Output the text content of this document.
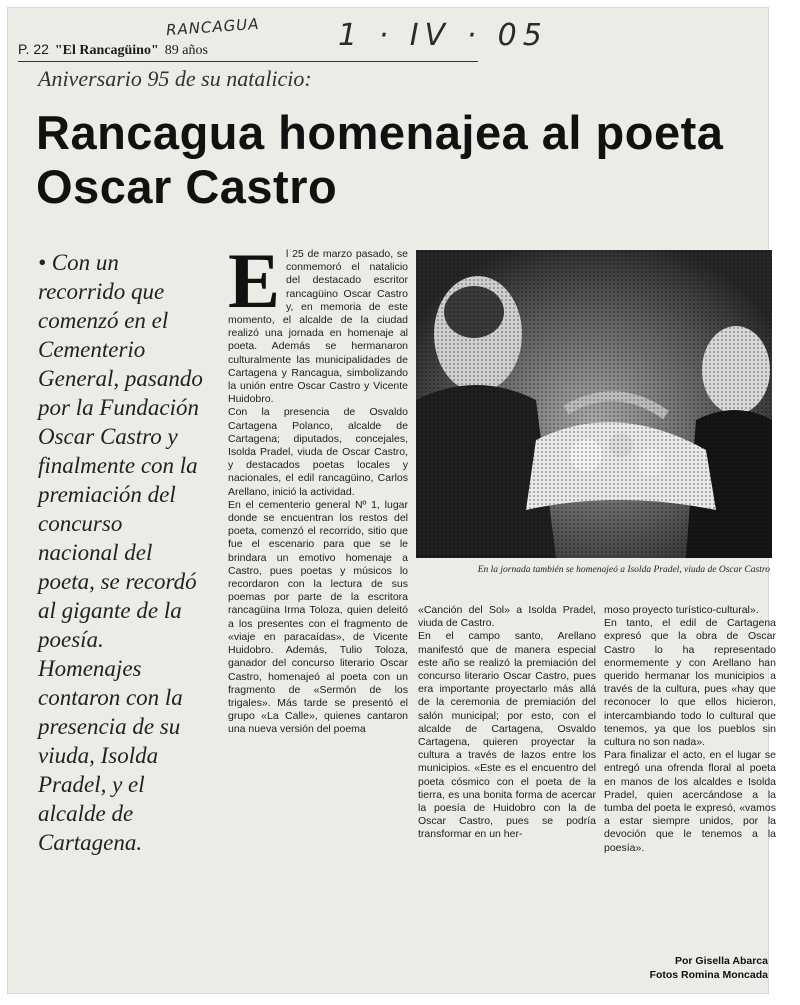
RANCAGUA	1 · IV · 05
P. 22 "El Rancagüino" 89 años
Aniversario 95 de su natalicio:
Rancagua homenajea al poeta Oscar Castro
• Con un recorrido que comenzó en el Cementerio General, pasando por la Fundación Oscar Castro y finalmente con la premiación del concurso nacional del poeta, se recordó al gigante de la poesía. Homenajes contaron con la presencia de su viuda, Isolda Pradel, y el alcalde de Cartagena.
E l 25 de marzo pasado, se conmemoró el natalicio del destacado escritor rancagüino Oscar Castro y, en memoria de este momento, el alcalde de la ciudad realizó una jornada en homenaje al poeta. Además se hermanaron culturalmente las municipalidades de Cartagena y Rancagua, simbolizando la unión entre Oscar Castro y Vicente Huidobro.

Con la presencia de Osvaldo Cartagena Polanco, alcalde de Cartagena; diputados, concejales, Isolda Pradel, viuda de Oscar Castro, y destacados poetas locales y nacionales, el edil rancagüino, Carlos Arellano, inició la actividad.

En el cementerio general Nº 1, lugar donde se encuentran los restos del poeta, comenzó el recorrido, sitio que fue el escenario para que se le brindara un emotivo homenaje a Castro, pues poetas y músicos lo recordaron con la lectura de sus poemas por parte de la escritora rancagüina Irma Toloza, quien deleitó a los presentes con el fragmento de «viaje en paracaídas», de Vicente Huidobro. Además, Tulio Toloza, ganador del concurso literario Oscar Castro, homenajeó al poeta con un fragmento de «Sermón de los trigales». Más tarde se presentó el grupo «La Calle», quienes cantaron una nueva versión del poema

En la jornada también se homenajeó a Isolda Pradel, viuda de Oscar Castro

«Canción del Sol» a Isolda Pradel, viuda de Castro.

En el campo santo, Arellano manifestó que de manera especial este año se realizó la premiación del concurso literario Oscar Castro, pues era importante proyectarlo más allá de la ceremonia de premiación del salón municipal; por esto, con el alcalde de Cartagena, Osvaldo Cartagena, quieren proyectar la cultura a través de lazos entre los municipios. «Este es el encuentro del poeta cósmico con el poeta de la tierra, es una bonita forma de acercar la poesía de Huidobro con la de Oscar Castro, pues se podría transformar en un her-

moso proyecto turístico-cultural».

En tanto, el edil de Cartagena expresó que la obra de Oscar Castro lo ha representado enormemente y con Arellano han querido hermanar los municipios a través de la cultura, pues «hay que reconocer lo que ellos hicieron, intercambiando todo lo cultural que tenemos, ya que los pueblos sin cultura no son nada».

Para finalizar el acto, en el lugar se entregó una ofrenda floral al poeta en manos de los alcaldes e Isolda Pradel, quien acercándose a la tumba del poeta le expresó, «vamos a estar siempre unidos, por la devoción que le tenemos a la poesía».

Por Gisella Abarca
Fotos Romina Moncada
